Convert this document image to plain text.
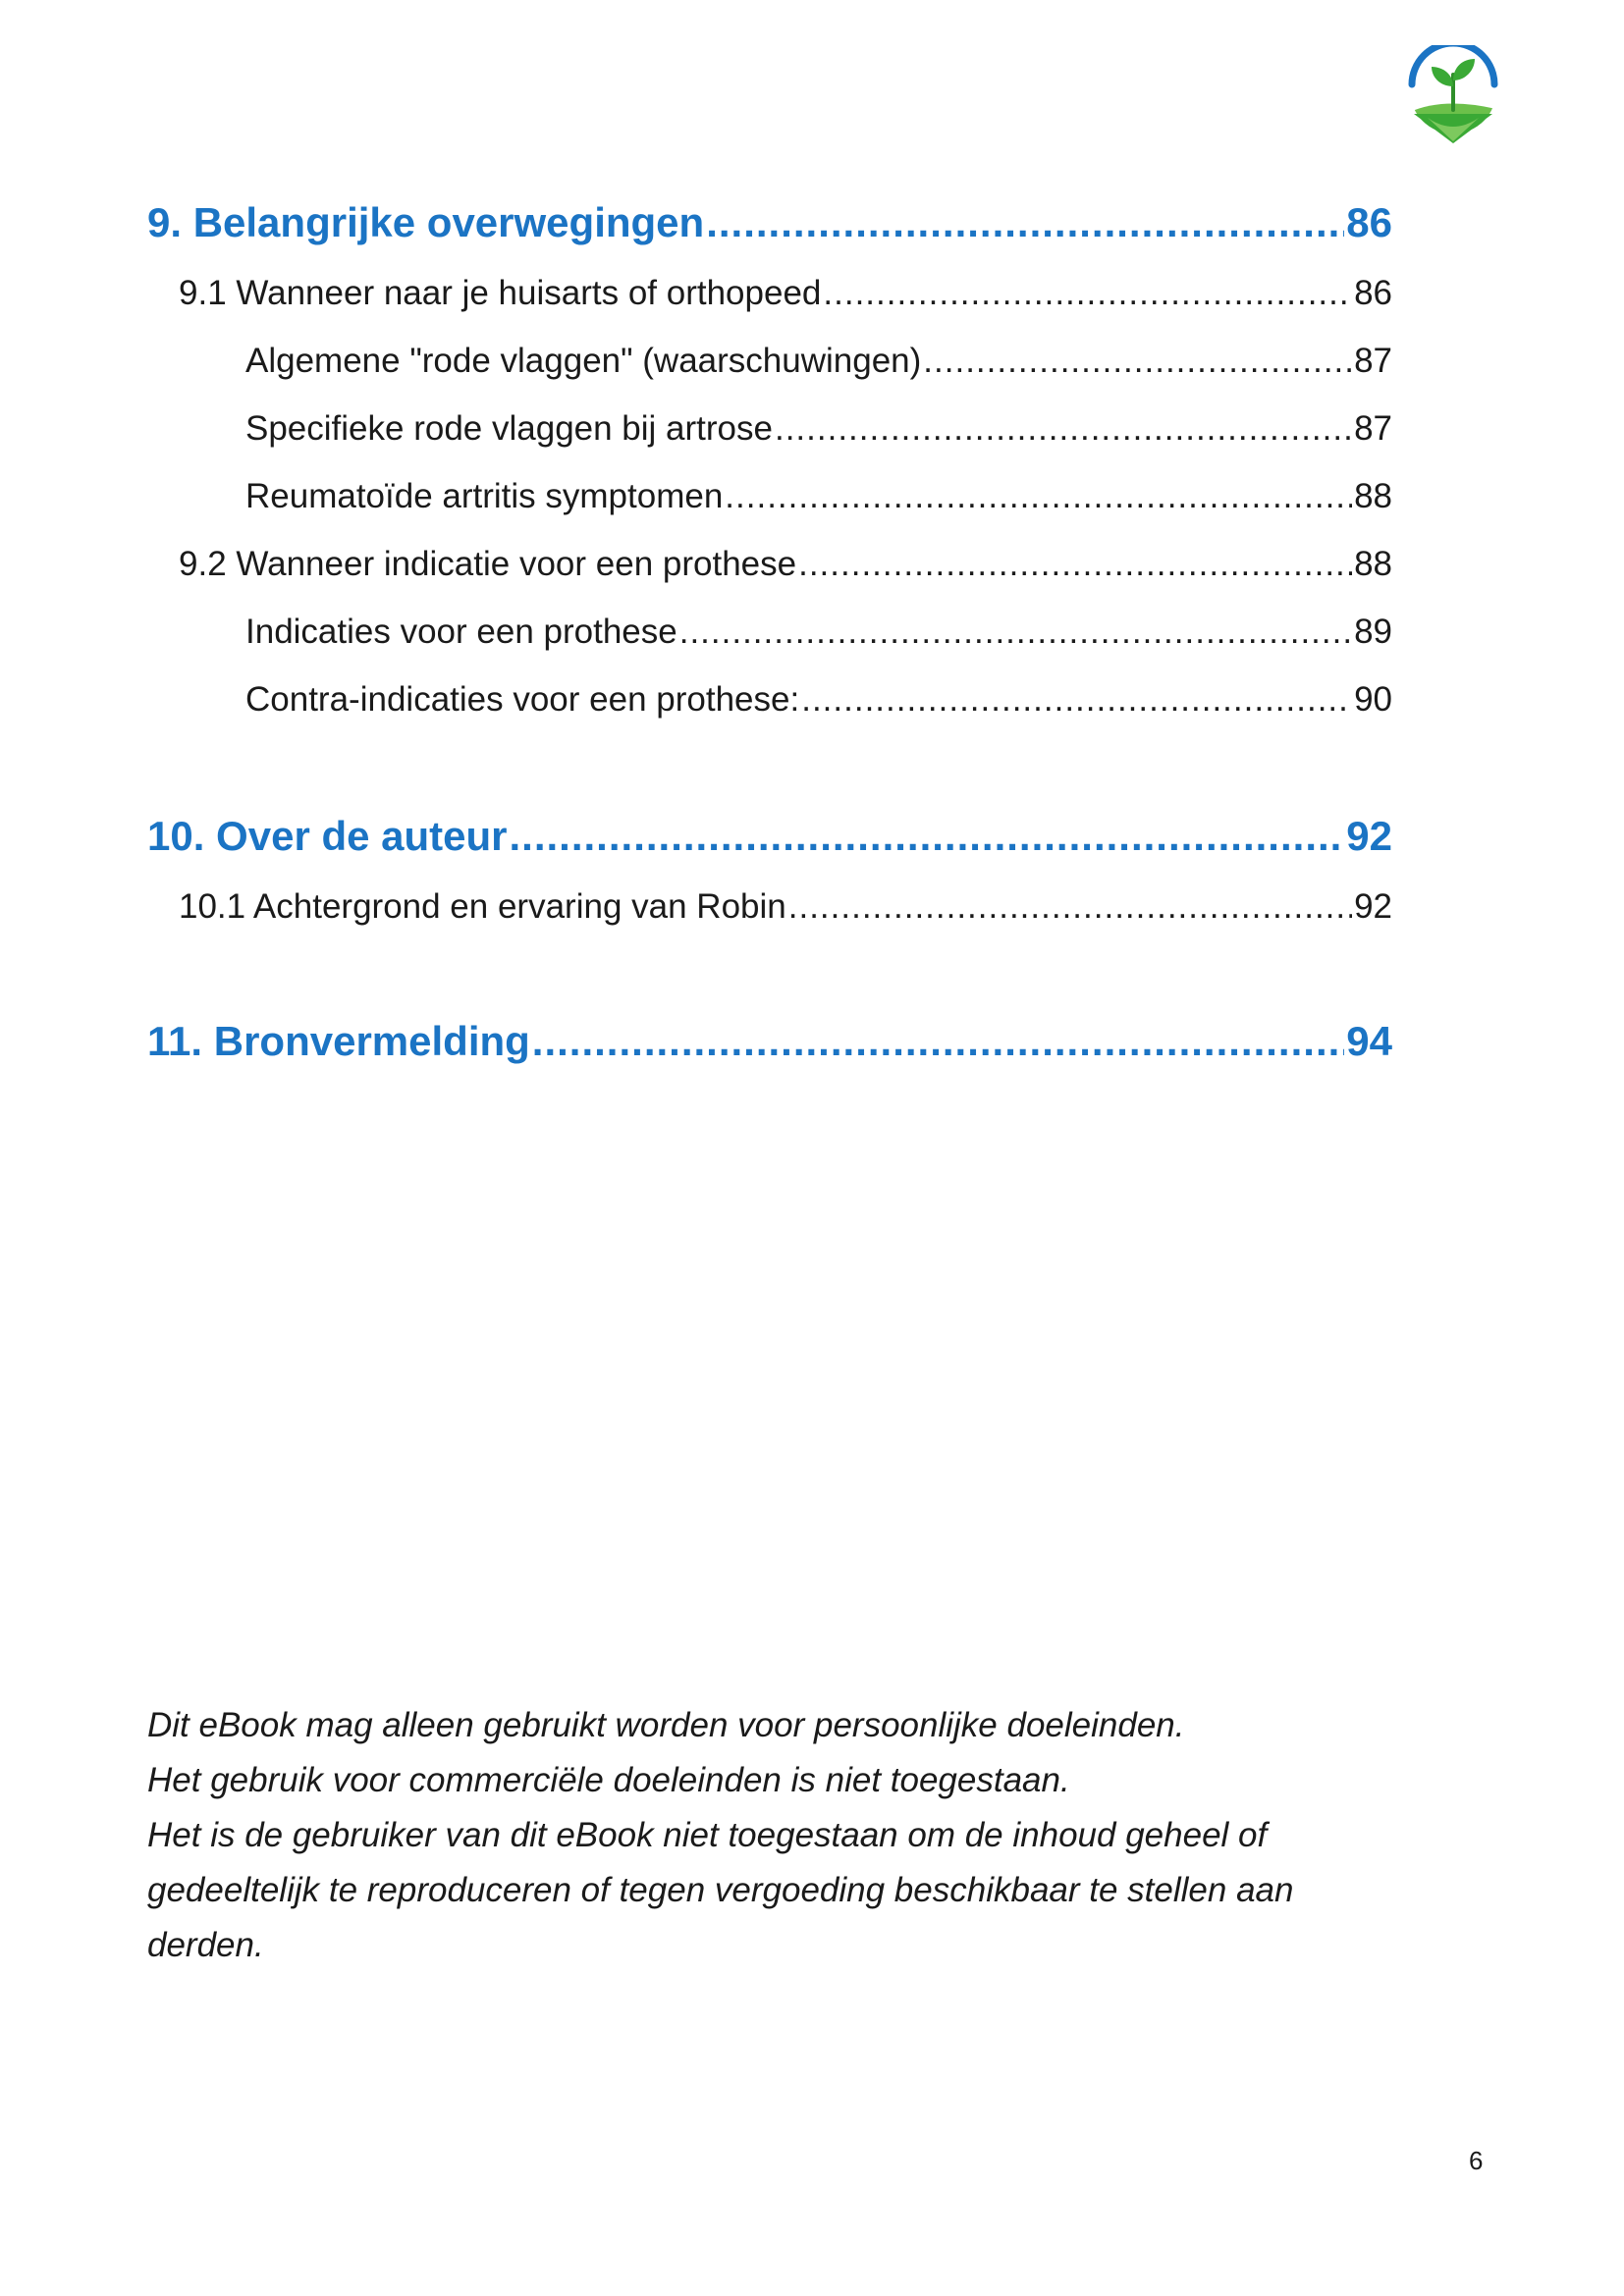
9. Belangrijke overwegingen .....	86
9.1 Wanneer naar je huisarts of orthopeed .....	86
Algemene "rode vlaggen" (waarschuwingen) .....	87
Specifieke rode vlaggen bij artrose .....	87
Reumatoïde artritis symptomen .....	88
9.2 Wanneer indicatie voor een prothese .....	88
Indicaties voor een prothese .....	89
Contra-indicaties voor een prothese: .....	90
10. Over de auteur .....	92
10.1 Achtergrond en ervaring van Robin .....	92
11. Bronvermelding .....	94

Dit eBook mag alleen gebruikt worden voor persoonlijke doeleinden.

Het gebruik voor commerciële doeleinden is niet toegestaan.

Het is de gebruiker van dit eBook niet toegestaan om de inhoud geheel of

gedeeltelijk te reproduceren of tegen vergoeding beschikbaar te stellen aan

derden.

6
